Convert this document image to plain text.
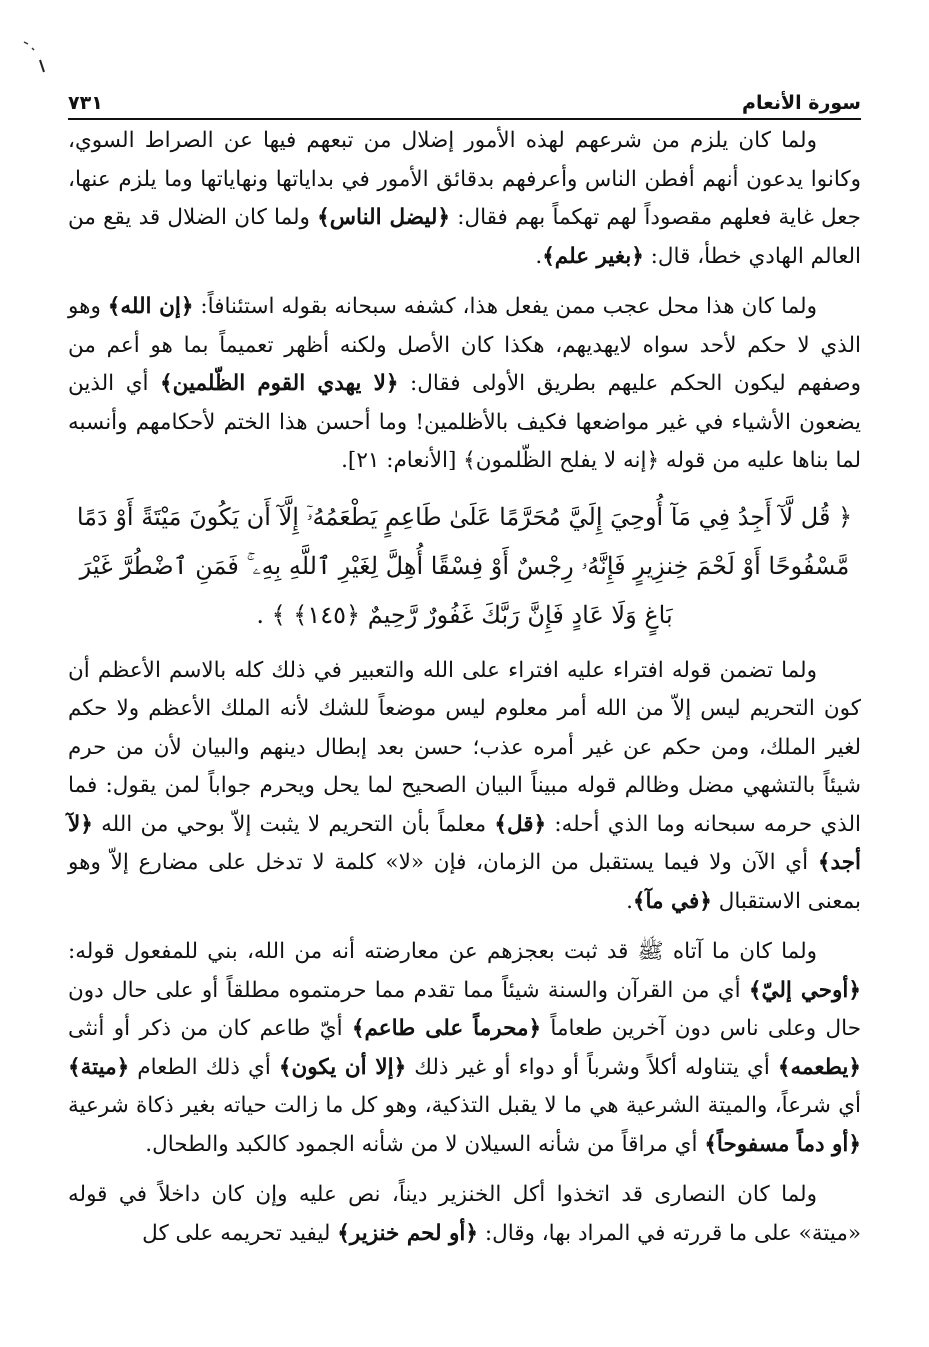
٧٣١	سورة الأنعام

ولما كان يلزم من شرعهم لهذه الأمور إضلال من تبعهم فيها عن الصراط السوي، وكانوا يدعون أنهم أفطن الناس وأعرفهم بدقائق الأمور في بداياتها ونهاياتها وما يلزم عنها، جعل غاية فعلهم مقصوداً لهم تهكماً بهم فقال: ﴿ليضل الناس﴾ ولما كان الضلال قد يقع من العالم الهادي خطأ، قال: ﴿بغير علم﴾.

ولما كان هذا محل عجب ممن يفعل هذا، كشفه سبحانه بقوله استئنافاً: ﴿إن الله﴾ وهو الذي لا حكم لأحد سواه لايهديهم، هكذا كان الأصل ولكنه أظهر تعميماً بما هو أعم من وصفهم ليكون الحكم عليهم بطريق الأولى فقال: ﴿لا يهدي القوم الظّلمين﴾ أي الذين يضعون الأشياء في غير مواضعها فكيف بالأظلمين! وما أحسن هذا الختم لأحكامهم وأنسبه لما بناها عليه من قوله ﴿إنه لا يفلح الظّلمون﴾ [الأنعام: ٢١].

﴿ قُل لَّآ أَجِدُ فِي مَآ أُوحِيَ إِلَيَّ مُحَرَّمًا عَلَىٰ طَاعِمٍ يَطْعَمُهُۥٓ إِلَّآ أَن يَكُونَ مَيْتَةً أَوْ دَمًا مَّسْفُوحًا أَوْ لَحْمَ خِنزِيرٍ فَإِنَّهُۥ رِجْسٌ أَوْ فِسْقًا أُهِلَّ لِغَيْرِ ٱللَّهِ بِهِۦ ۚ فَمَنِ ٱضْطُرَّ غَيْرَ بَاغٍ وَلَا عَادٍ فَإِنَّ رَبَّكَ غَفُورٌ رَّحِيمٌ ﴿١٤٥﴾ ﴾ .

ولما تضمن قوله افتراء عليه افتراء على الله والتعبير في ذلك كله بالاسم الأعظم أن كون التحريم ليس إلاّ من الله أمر معلوم ليس موضعاً للشك لأنه الملك الأعظم ولا حكم لغير الملك، ومن حكم عن غير أمره عذب؛ حسن بعد إبطال دينهم والبيان لأن من حرم شيئاً بالتشهي مضل وظالم قوله مبيناً البيان الصحيح لما يحل ويحرم جواباً لمن يقول: فما الذي حرمه سبحانه وما الذي أحله: ﴿قل﴾ معلماً بأن التحريم لا يثبت إلاّ بوحي من الله ﴿لآ أجد﴾ أي الآن ولا فيما يستقبل من الزمان، فإن «لا» كلمة لا تدخل على مضارع إلاّ وهو بمعنى الاستقبال ﴿في مآ﴾.

ولما كان ما آتاه ﷺ قد ثبت بعجزهم عن معارضته أنه من الله، بني للمفعول قوله: ﴿أوحي إليّ﴾ أي من القرآن والسنة شيئاً مما تقدم مما حرمتموه مطلقاً أو على حال دون حال وعلى ناس دون آخرين طعاماً ﴿محرماً على طاعم﴾ أيّ طاعم كان من ذكر أو أنثى ﴿يطعمه﴾ أي يتناوله أكلاً وشرباً أو دواء أو غير ذلك ﴿إلا أن يكون﴾ أي ذلك الطعام ﴿ميتة﴾ أي شرعاً، والميتة الشرعية هي ما لا يقبل التذكية، وهو كل ما زالت حياته بغير ذكاة شرعية ﴿أو دماً مسفوحاً﴾ أي مراقاً من شأنه السيلان لا من شأنه الجمود كالكبد والطحال.

ولما كان النصارى قد اتخذوا أكل الخنزير ديناً، نص عليه وإن كان داخلاً في قوله «ميتة» على ما قررته في المراد بها، وقال: ﴿أو لحم خنزير﴾ ليفيد تحريمه على كل
